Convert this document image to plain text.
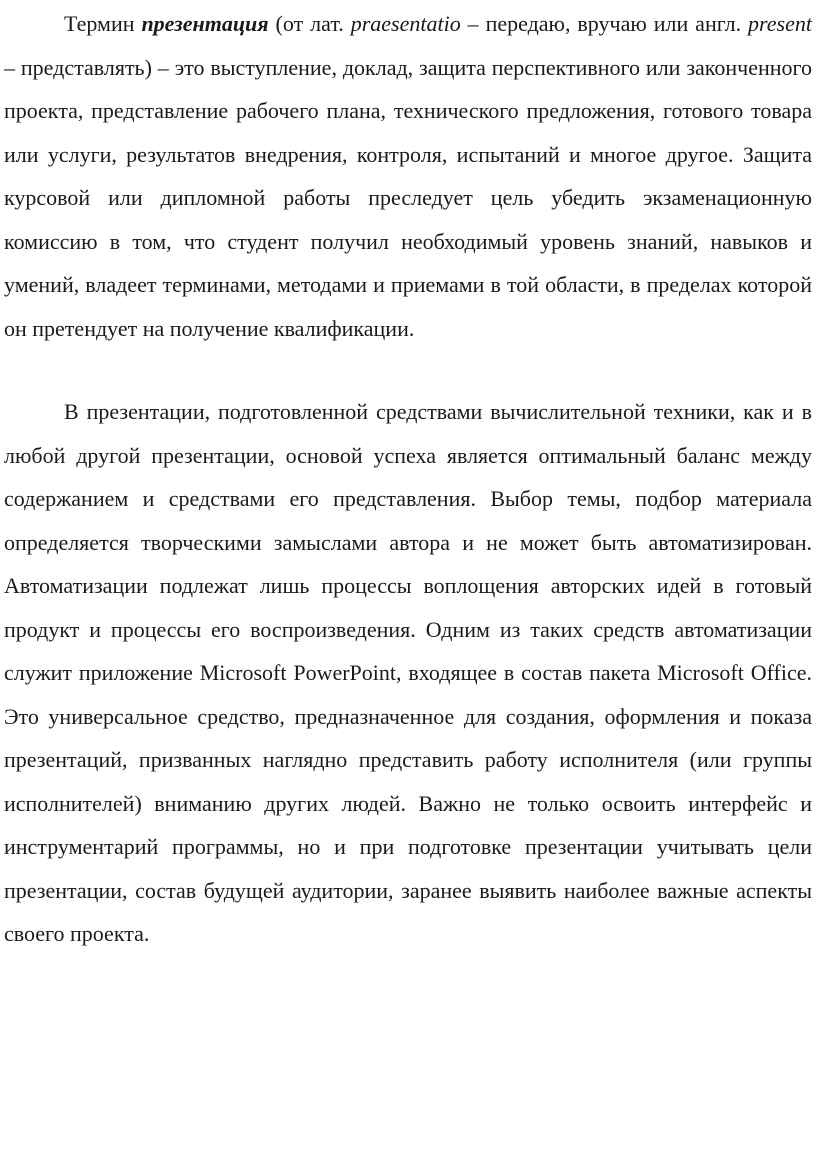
Термин презентация (от лат. praesentatio – передаю, вручаю или англ. present – представлять) – это выступление, доклад, защита перспективного или законченного проекта, представление рабочего плана, технического предложения, готового товара или услуги, результатов внедрения, контроля, испытаний и многое другое. Защита курсовой или дипломной работы преследует цель убедить экзаменационную комиссию в том, что студент получил необходимый уровень знаний, навыков и умений, владеет терминами, методами и приемами в той области, в пределах которой он претендует на получение квалификации.

В презентации, подготовленной средствами вычислительной техники, как и в любой другой презентации, основой успеха является оптимальный баланс между содержанием и средствами его представления. Выбор темы, подбор материала определяется творческими замыслами автора и не может быть автоматизирован. Автоматизации подлежат лишь процессы воплощения авторских идей в готовый продукт и процессы его воспроизведения. Одним из таких средств автоматизации служит приложение Microsoft PowerPoint, входящее в состав пакета Microsoft Office. Это универсальное средство, предназначенное для создания, оформления и показа презентаций, призванных наглядно представить работу исполнителя (или группы исполнителей) вниманию других людей. Важно не только освоить интерфейс и инструментарий программы, но и при подготовке презентации учитывать цели презентации, состав будущей аудитории, заранее выявить наиболее важные аспекты своего проекта.
